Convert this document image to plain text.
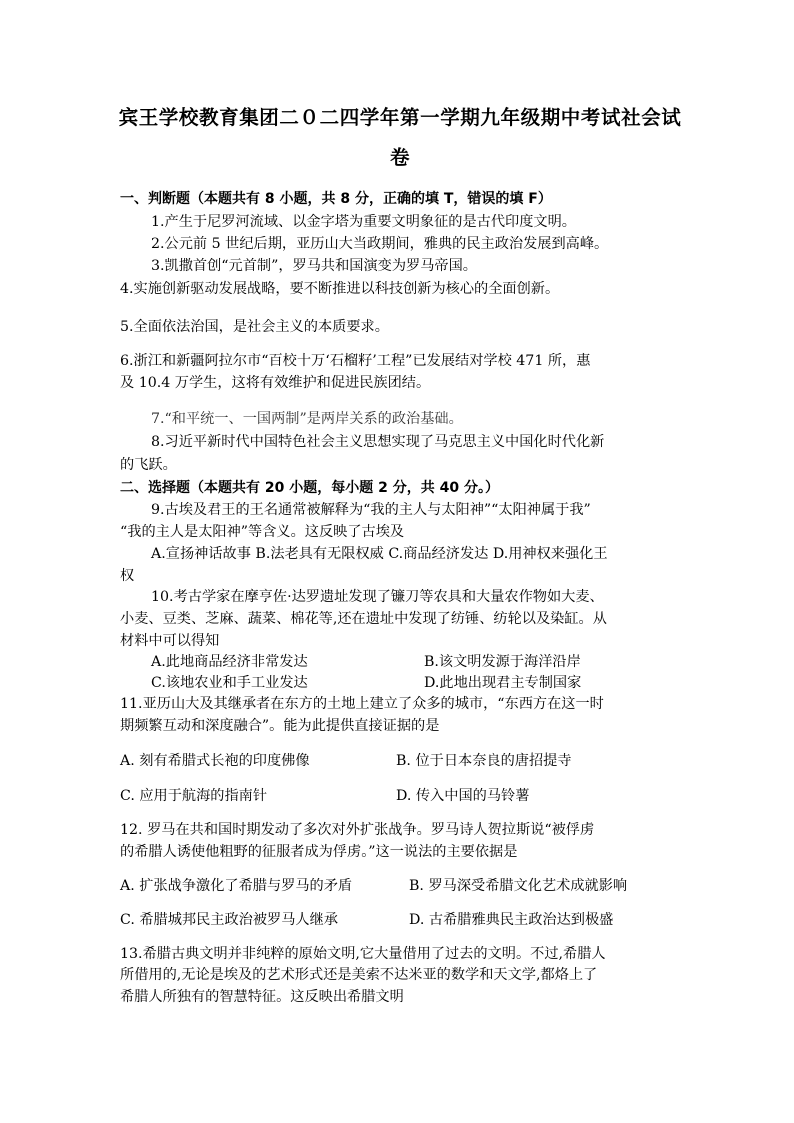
宾王学校教育集团二０二四学年第一学期九年级期中考试社会试
卷
一、判断题（本题共有 8 小题，共 8 分，正确的填 T，错误的填 F）
1.产生于尼罗河流域、以金字塔为重要文明象征的是古代印度文明。
2.公元前 5 世纪后期，亚历山大当政期间，雅典的民主政治发展到高峰。
3.凯撒首创“元首制”，罗马共和国演变为罗马帝国。
4.实施创新驱动发展战略，要不断推进以科技创新为核心的全面创新。
5.全面依法治国，是社会主义的本质要求。
6.浙江和新疆阿拉尔市“百校十万‘石榴籽’工程”已发展结对学校 471 所，惠
及 10.4 万学生，这将有效维护和促进民族团结。
7.“和平统一、一国两制”是两岸关系的政治基础。
8.习近平新时代中国特色社会主义思想实现了马克思主义中国化时代化新
的飞跃。
二、选择题（本题共有 20 小题，每小题 2 分，共 40 分。）
9.古埃及君王的王名通常被解释为“我的主人与太阳神”“太阳神属于我”
“我的主人是太阳神”等含义。这反映了古埃及
A.宣扬神话故事 B.法老具有无限权威 C.商品经济发达 D.用神权来强化王
权
10.考古学家在摩亨佐·达罗遗址发现了镰刀等农具和大量农作物如大麦、
小麦、豆类、芝麻、蔬菜、棉花等,还在遗址中发现了纺锤、纺轮以及染缸。从
材料中可以得知
A.此地商品经济非常发达	B.该文明发源于海洋沿岸
C.该地农业和手工业发达	D.此地出现君主专制国家
11.亚历山大及其继承者在东方的土地上建立了众多的城市，“东西方在这一时
期频繁互动和深度融合”。能为此提供直接证据的是
A. 刻有希腊式长袍的印度佛像	B. 位于日本奈良的唐招提寺
C. 应用于航海的指南针	D. 传入中国的马铃薯
12. 罗马在共和国时期发动了多次对外扩张战争。罗马诗人贺拉斯说“被俘虏
的希腊人诱使他粗野的征服者成为俘虏。”这一说法的主要依据是
A. 扩张战争激化了希腊与罗马的矛盾	B. 罗马深受希腊文化艺术成就影响
C. 希腊城邦民主政治被罗马人继承	D. 古希腊雅典民主政治达到极盛
13.希腊古典文明并非纯粹的原始文明,它大量借用了过去的文明。不过,希腊人
所借用的,无论是埃及的艺术形式还是美索不达米亚的数学和天文学,都烙上了
希腊人所独有的智慧特征。这反映出希腊文明
